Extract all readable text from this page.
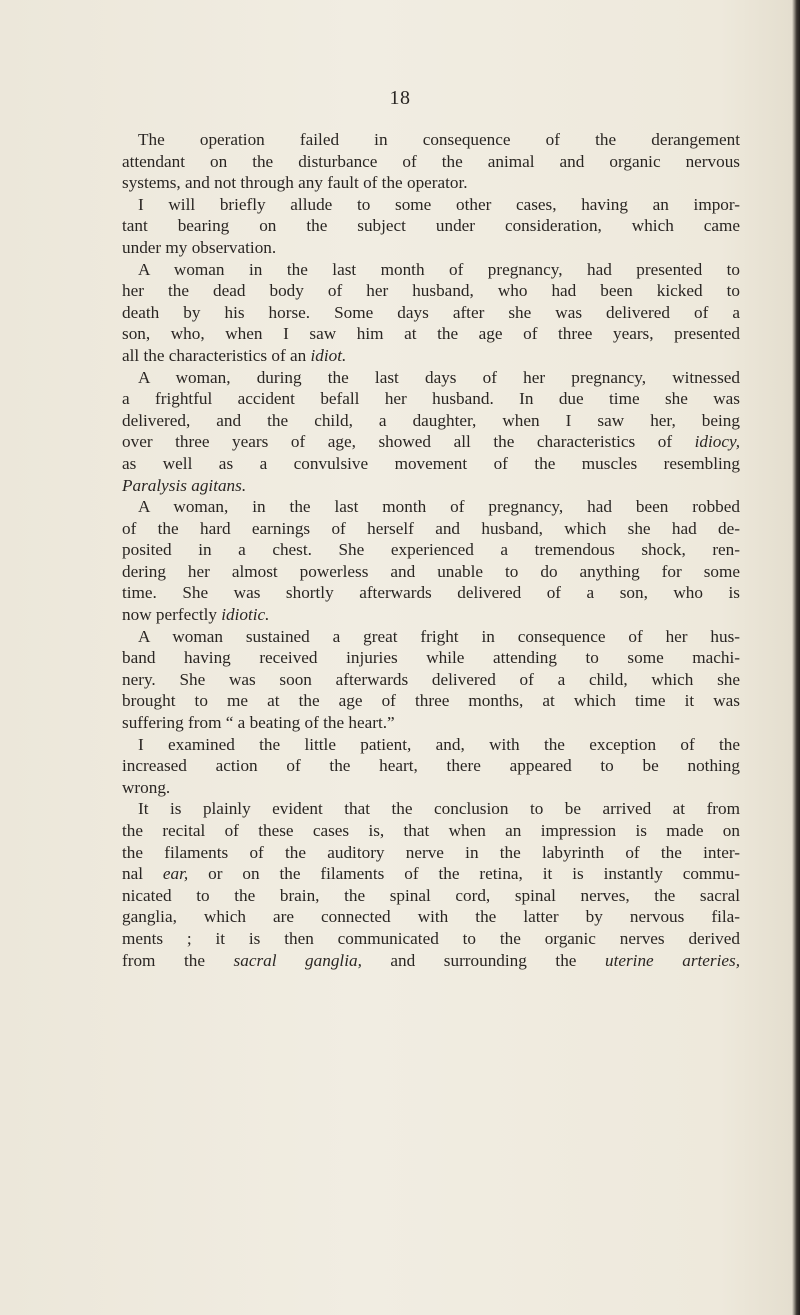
18
The operation failed in consequence of the derangement
attendant on the disturbance of the animal and organic nervous
systems, and not through any fault of the operator.
I will briefly allude to some other cases, having an impor-
tant bearing on the subject under consideration, which came
under my observation.
A woman in the last month of pregnancy, had presented to
her the dead body of her husband, who had been kicked to
death by his horse. Some days after she was delivered of a
son, who, when I saw him at the age of three years, presented
all the characteristics of an idiot.
A woman, during the last days of her pregnancy, witnessed
a frightful accident befall her husband. In due time she was
delivered, and the child, a daughter, when I saw her, being
over three years of age, showed all the characteristics of idiocy,
as well as a convulsive movement of the muscles resembling
Paralysis agitans.
A woman, in the last month of pregnancy, had been robbed
of the hard earnings of herself and husband, which she had de-
posited in a chest. She experienced a tremendous shock, ren-
dering her almost powerless and unable to do anything for some
time. She was shortly afterwards delivered of a son, who is
now perfectly idiotic.
A woman sustained a great fright in consequence of her hus-
band having received injuries while attending to some machi-
nery. She was soon afterwards delivered of a child, which she
brought to me at the age of three months, at which time it was
suffering from “ a beating of the heart.”
I examined the little patient, and, with the exception of the
increased action of the heart, there appeared to be nothing
wrong.
It is plainly evident that the conclusion to be arrived at from
the recital of these cases is, that when an impression is made on
the filaments of the auditory nerve in the labyrinth of the inter-
nal ear, or on the filaments of the retina, it is instantly commu-
nicated to the brain, the spinal cord, spinal nerves, the sacral
ganglia, which are connected with the latter by nervous fila-
ments ; it is then communicated to the organic nerves derived
from the sacral ganglia, and surrounding the uterine arteries,
